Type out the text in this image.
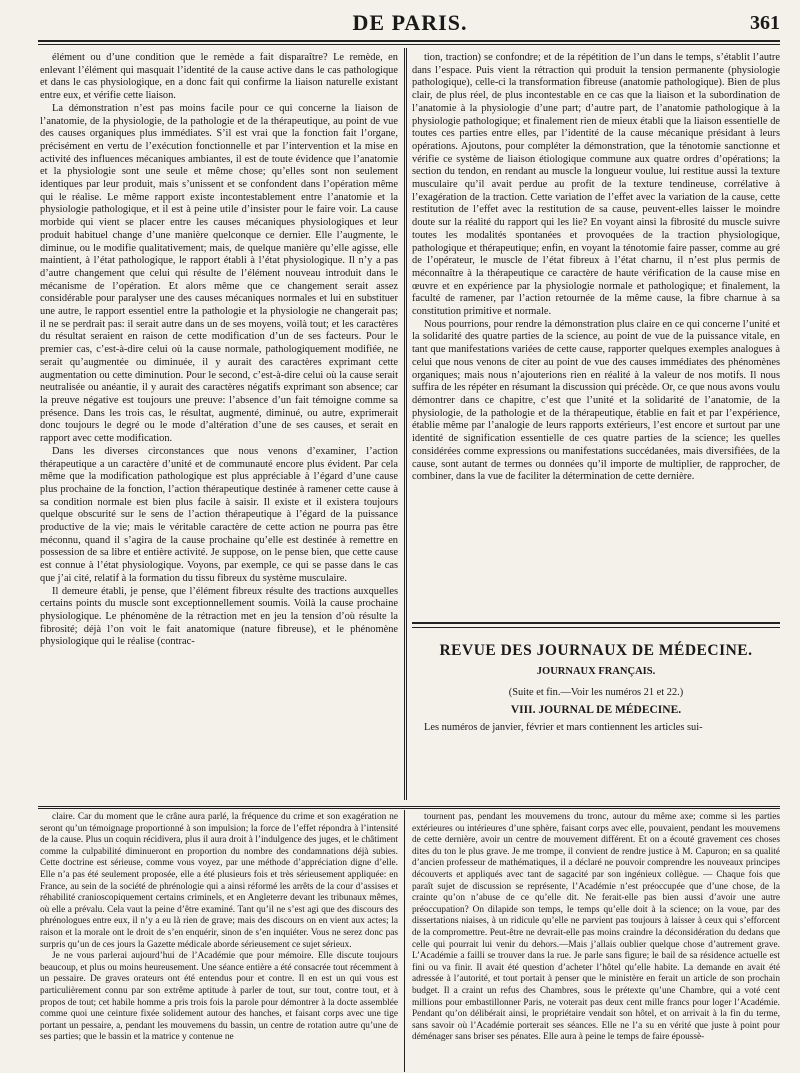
DE PARIS.	361

élément ou d’une condition que le remède a fait disparaître? Le remède, en enlevant l’élément qui masquait l’identité de la cause active dans le cas pathologique et dans le cas physiologique, en a donc fait qui confirme la liaison naturelle existant entre eux, et vérifie cette liaison.

La démonstration n’est pas moins facile pour ce qui concerne la liaison de l’anatomie, de la physiologie, de la pathologie et de la thérapeutique, au point de vue des causes organiques plus immédiates. S’il est vrai que la fonction fait l’organe, précisément en vertu de l’exécution fonctionnelle et par l’intervention et la mise en activité des influences mécaniques ambiantes, il est de toute évidence que l’anatomie et la physiologie sont une seule et même chose; qu’elles sont non seulement identiques par leur produit, mais s’unissent et se confondent dans l’opération même qui le réalise. Le même rapport existe incontestablement entre l’anatomie et la physiologie pathologique, et il est à peine utile d’insister pour le faire voir. La cause morbide qui vient se placer entre les causes mécaniques physiologiques et leur produit habituel change d’une manière quelconque ce dernier. Elle l’augmente, le diminue, ou le modifie qualitativement; mais, de quelque manière qu’elle agisse, elle maintient, à l’état pathologique, le rapport établi à l’état physiologique. Il n’y a pas d’autre changement que celui qui résulte de l’élément nouveau introduit dans le mécanisme de l’opération. Et alors même que ce changement serait assez considérable pour paralyser une des causes mécaniques normales et lui en substituer une autre, le rapport essentiel entre la pathologie et la physiologie ne changerait pas; il ne se perdrait pas: il serait autre dans un de ses moyens, voilà tout; et les caractères du résultat seraient en raison de cette modification d’un de ses facteurs. Pour le premier cas, c’est-à-dire celui où la cause normale, pathologiquement modifiée, ne serait qu’augmentée ou diminuée, il y aurait des caractères exprimant cette augmentation ou cette diminution. Pour le second, c’est-à-dire celui où la cause serait neutralisée ou anéantie, il y aurait des caractères négatifs exprimant son absence; car la preuve négative est toujours une preuve: l’absence d’un fait témoigne comme sa présence. Dans les trois cas, le résultat, augmenté, diminué, ou autre, exprimerait donc toujours le degré ou le mode d’altération d’une de ses causes, et serait en rapport avec cette modification.

Dans les diverses circonstances que nous venons d’examiner, l’action thérapeutique a un caractère d’unité et de communauté encore plus évident. Par cela même que la modification pathologique est plus appréciable à l’égard d’une cause plus prochaine de la fonction, l’action thérapeutique destinée à ramener cette cause à sa condition normale est bien plus facile à saisir. Il existe et il existera toujours quelque obscurité sur le sens de l’action thérapeutique à l’égard de la puissance productive de la vie; mais le véritable caractère de cette action ne pourra pas être méconnu, quand il s’agira de la cause prochaine qu’elle est destinée à remettre en possession de sa libre et entière activité. Je suppose, on le pense bien, que cette cause est connue à l’état physiologique. Voyons, par exemple, ce qui se passe dans le cas que j’ai cité, relatif à la formation du tissu fibreux du système musculaire.

Il demeure établi, je pense, que l’élément fibreux résulte des tractions auxquelles certains points du muscle sont exceptionnellement soumis. Voilà la cause prochaine physiologique. Le phénomène de la rétraction met en jeu la tension d’où résulte la fibrosité; déjà l’on voit le fait anatomique (nature fibreuse), et le phénomène physiologique qui le réalise (contrac-

tion, traction) se confondre; et de la répétition de l’un dans le temps, s’établit l’autre dans l’espace. Puis vient la rétraction qui produit la tension permanente (physiologie pathologique), celle-ci la transformation fibreuse (anatomie pathologique). Bien de plus clair, de plus réel, de plus incontestable en ce cas que la liaison et la subordination de l’anatomie à la physiologie d’une part; d’autre part, de l’anatomie pathologique à la physiologie pathologique; et finalement rien de mieux établi que la liaison essentielle de toutes ces parties entre elles, par l’identité de la cause mécanique présidant à leurs opérations. Ajoutons, pour compléter la démonstration, que la ténotomie sanctionne et vérifie ce système de liaison étiologique commune aux quatre ordres d’opérations; la section du tendon, en rendant au muscle la longueur voulue, lui restitue aussi la texture musculaire qu’il avait perdue au profit de la texture tendineuse, corrélative à l’exagération de la traction. Cette variation de l’effet avec la variation de la cause, cette restitution de l’effet avec la restitution de sa cause, peuvent-elles laisser le moindre doute sur la réalité du rapport qui les lie? En voyant ainsi la fibrosité du muscle suivre toutes les modalités spontanées et provoquées de la traction physiologique, pathologique et thérapeutique; enfin, en voyant la ténotomie faire passer, comme au gré de l’opérateur, le muscle de l’état fibreux à l’état charnu, il n’est plus permis de méconnaître à la thérapeutique ce caractère de haute vérification de la cause mise en œuvre et en expérience par la physiologie normale et pathologique; et finalement, la faculté de ramener, par l’action retournée de la même cause, la fibre charnue à sa constitution primitive et normale.

Nous pourrions, pour rendre la démonstration plus claire en ce qui concerne l’unité et la solidarité des quatre parties de la science, au point de vue de la puissance vitale, en tant que manifestations variées de cette cause, rapporter quelques exemples analogues à celui que nous venons de citer au point de vue des causes immédiates des phénomènes organiques; mais nous n’ajouterions rien en réalité à la valeur de nos motifs. Il nous suffira de les répéter en résumant la discussion qui précède. Or, ce que nous avons voulu démontrer dans ce chapitre, c’est que l’unité et la solidarité de l’anatomie, de la physiologie, de la pathologie et de la thérapeutique, établie en fait et par l’expérience, établie même par l’analogie de leurs rapports extérieurs, l’est encore et surtout par une identité de signification essentielle de ces quatre parties de la science; les quelles considérées comme expressions ou manifestations succédanées, mais diversifiées, de la cause, sont autant de termes ou données qu’il importe de multiplier, de rapprocher, de combiner, dans la vue de faciliter la détermination de cette dernière.

REVUE DES JOURNAUX DE MÉDECINE.
JOURNAUX FRANÇAIS.
(Suite et fin.—Voir les numéros 21 et 22.)
VIII. JOURNAL DE MÉDECINE.

Les numéros de janvier, février et mars contiennent les articles sui-

claire. Car du moment que le crâne aura parlé, la fréquence du crime et son exagération ne seront qu’un témoignage proportionné à son impulsion; la force de l’effet répondra à l’intensité de la cause. Plus un coquin récidivera, plus il aura droit à l’indulgence des juges, et le châtiment comme la culpabilité diminueront en proportion du nombre des condamnations déjà subies. Cette doctrine est sérieuse, comme vous voyez, par une méthode d’appréciation digne d’elle. Elle n’a pas été seulement proposée, elle a été plusieurs fois et très sérieusement appliquée: en France, au sein de la société de phrénologie qui a ainsi réformé les arrêts de la cour d’assises et réhabilité cranioscopiquement certains criminels, et en Angleterre devant les tribunaux mêmes, où elle a prévalu. Cela vaut la peine d’être examiné. Tant qu’il ne s’est agi que des discours des phrénologues entre eux, il n’y a eu là rien de grave; mais des discours on en vient aux actes; la raison et la morale ont le droit de s’en enquérir, sinon de s’en inquiéter. Vous ne serez donc pas surpris qu’un de ces jours la Gazette médicale aborde sérieusement ce sujet sérieux.

Je ne vous parlerai aujourd’hui de l’Académie que pour mémoire. Elle discute toujours beaucoup, et plus ou moins heureusement. Une séance entière a été consacrée tout récemment à un pessaire. De graves orateurs ont été entendus pour et contre. Il en est un qui vous est particulièrement connu par son extrême aptitude à parler de tout, sur tout, contre tout, et à propos de tout; cet habile homme a pris trois fois la parole pour démontrer à la docte assemblée comme quoi une ceinture fixée solidement autour des hanches, et faisant corps avec une tige portant un pessaire, a, pendant les mouvemens du bassin, un centre de rotation autre qu’une de ses parties; que le bassin et la matrice y contenue ne

tournent pas, pendant les mouvemens du tronc, autour du même axe; comme si les parties extérieures ou intérieures d’une sphère, faisant corps avec elle, pouvaient, pendant les mouvemens de cette dernière, avoir un centre de mouvement différent. Et on a écouté gravement ces choses dites du ton le plus grave. Je me trompe, il convient de rendre justice à M. Capuron; en sa qualité d’ancien professeur de mathématiques, il a déclaré ne pouvoir comprendre les nouveaux principes découverts et appliqués avec tant de sagacité par son ingénieux collègue. — Chaque fois que paraît sujet de discussion se représente, l’Académie n’est préoccupée que d’une chose, de la crainte qu’on n’abuse de ce qu’elle dit. Ne ferait-elle pas bien aussi d’avoir une autre préoccupation? On dilapide son temps, le temps qu’elle doit à la science; on la voue, par des dissertations niaises, à un ridicule qu’elle ne parvient pas toujours à laisser à ceux qui s’efforcent de la compromettre. Peut-être ne devrait-elle pas moins craindre la déconsidération du dedans que celle qui pourrait lui venir du dehors.—Mais j’allais oublier quelque chose d’autrement grave. L’Académie a failli se trouver dans la rue. Je parle sans figure; le bail de sa résidence actuelle est fini ou va finir. Il avait été question d’acheter l’hôtel qu’elle habite. La demande en avait été adressée à l’autorité, et tout portait à penser que le ministère en ferait un article de son prochain budget. Il a craint un refus des Chambres, sous le prétexte qu’une Chambre, qui a voté cent millions pour embastillonner Paris, ne voterait pas deux cent mille francs pour loger l’Académie. Pendant qu’on délibérait ainsi, le propriétaire vendait son hôtel, et on arrivait à la fin du terme, sans savoir où l’Académie porterait ses séances. Elle ne l’a su en vérité que juste à point pour déménager sans briser ses pénates. Elle aura à peine le temps de faire époussè-
